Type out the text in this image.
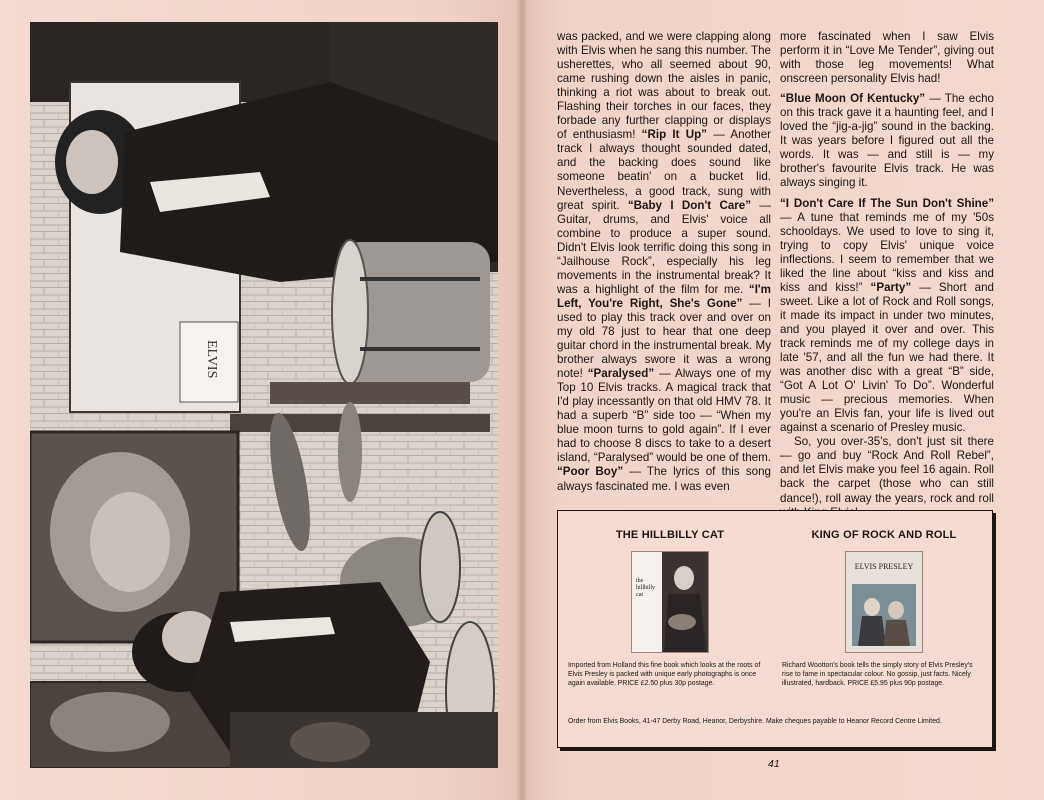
ELVIS

was packed, and we were clapping along with Elvis when he sang this number. The usherettes, who all seemed about 90, came rushing down the aisles in panic, thinking a riot was about to break out. Flashing their torches in our faces, they forbade any further clapping or displays of enthusiasm! “Rip It Up” — Another track I always thought sounded dated, and the backing does sound like someone beatin' on a bucket lid. Nevertheless, a good track, sung with great spirit. “Baby I Don't Care” — Guitar, drums, and Elvis' voice all combine to produce a super sound. Didn't Elvis look terrific doing this song in “Jailhouse Rock”, especially his leg movements in the instrumental break? It was a highlight of the film for me. “I'm Left, You're Right, She's Gone” — I used to play this track over and over on my old 78 just to hear that one deep guitar chord in the instrumental break. My brother always swore it was a wrong note! “Paralysed” — Always one of my Top 10 Elvis tracks. A magical track that I'd play incessantly on that old HMV 78. It had a superb “B” side too — “When my blue moon turns to gold again”. If I ever had to choose 8 discs to take to a desert island, “Paralysed” would be one of them. “Poor Boy” — The lyrics of this song always fascinated me. I was even

more fascinated when I saw Elvis perform it in “Love Me Tender”, giving out with those leg movements! What onscreen personality Elvis had!

“Blue Moon Of Kentucky” — The echo on this track gave it a haunting feel, and I loved the “jig-a-jig” sound in the backing. It was years before I figured out all the words. It was — and still is — my brother's favourite Elvis track. He was always singing it.

“I Don't Care If The Sun Don't Shine” — A tune that reminds me of my '50s schooldays. We used to love to sing it, trying to copy Elvis' unique voice inflections. I seem to remember that we liked the line about “kiss and kiss and kiss and kiss!” “Party” — Short and sweet. Like a lot of Rock and Roll songs, it made its impact in under two minutes, and you played it over and over. This track reminds me of my college days in late '57, and all the fun we had there. It was another disc with a great “B” side, “Got A Lot O' Livin' To Do”. Wonderful music — precious memories. When you're an Elvis fan, your life is lived out against a scenario of Presley music.

So, you over-35's, don't just sit there — go and buy “Rock And Roll Rebel”, and let Elvis make you feel 16 again. Roll back the carpet (those who can still dance!), roll away the years, rock and roll

THE HILLBILLY CAT
the hillbilly cat
Imported from Holland this fine book which looks at the roots of Elvis Presley is packed with unique early photographs is once again available. PRICE £2.50 plus 30p postage.
KING OF ROCK AND ROLL
ELVIS PRESLEY
Richard Wootton's book tells the simply story of Elvis Presley's rise to fame in spectacular colour. No gossip, just facts. Nicely illustrated, hardback. PRICE £5.95 plus 90p postage.
Order from Elvis Books, 41-47 Derby Road, Heanor, Derbyshire. Make cheques payable to Heanor Record Centre Limited.
41
